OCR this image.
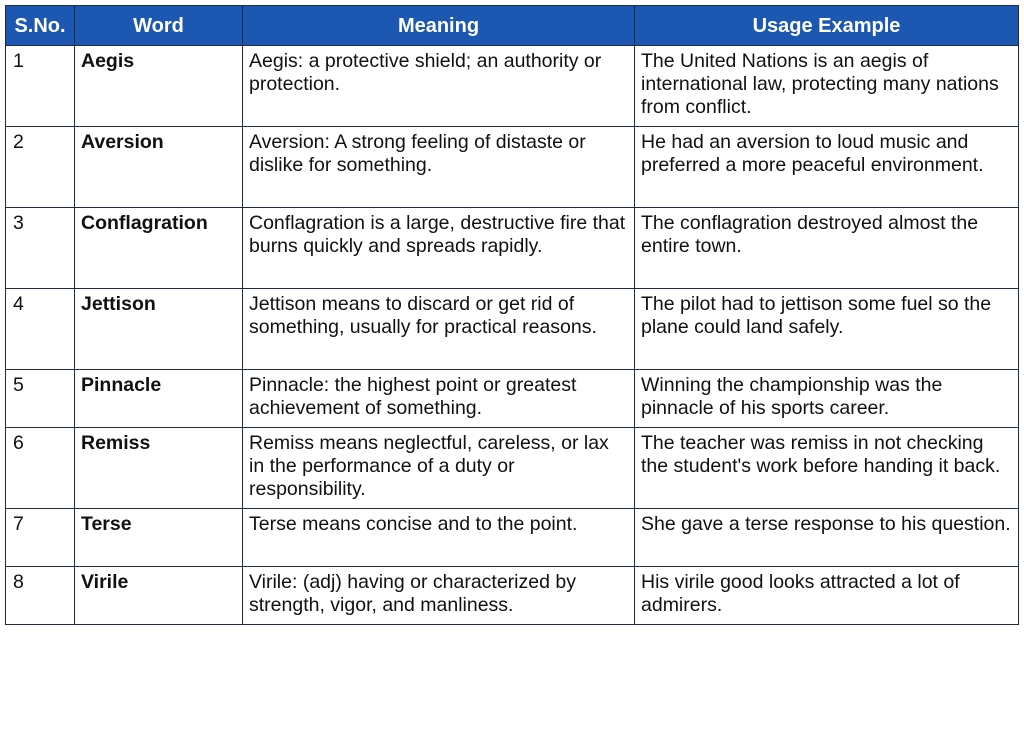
S.No.	Word	Meaning	Usage Example
1	Aegis	Aegis: a protective shield; an authority or protection.	The United Nations is an aegis of international law, protecting many nations from conflict.
2	Aversion	Aversion: A strong feeling of distaste or dislike for something.	He had an aversion to loud music and preferred a more peaceful environment.
3	Conflagration	Conflagration is a large, destructive fire that burns quickly and spreads rapidly.	The conflagration destroyed almost the entire town.
4	Jettison	Jettison means to discard or get rid of something, usually for practical reasons.	The pilot had to jettison some fuel so the plane could land safely.
5	Pinnacle	Pinnacle: the highest point or greatest achievement of something.	Winning the championship was the pinnacle of his sports career.
6	Remiss	Remiss means neglectful, careless, or lax in the performance of a duty or responsibility.	The teacher was remiss in not checking the student's work before handing it back.
7	Terse	Terse means concise and to the point.	She gave a terse response to his question.
8	Virile	Virile: (adj) having or characterized by strength, vigor, and manliness.	His virile good looks attracted a lot of admirers.
